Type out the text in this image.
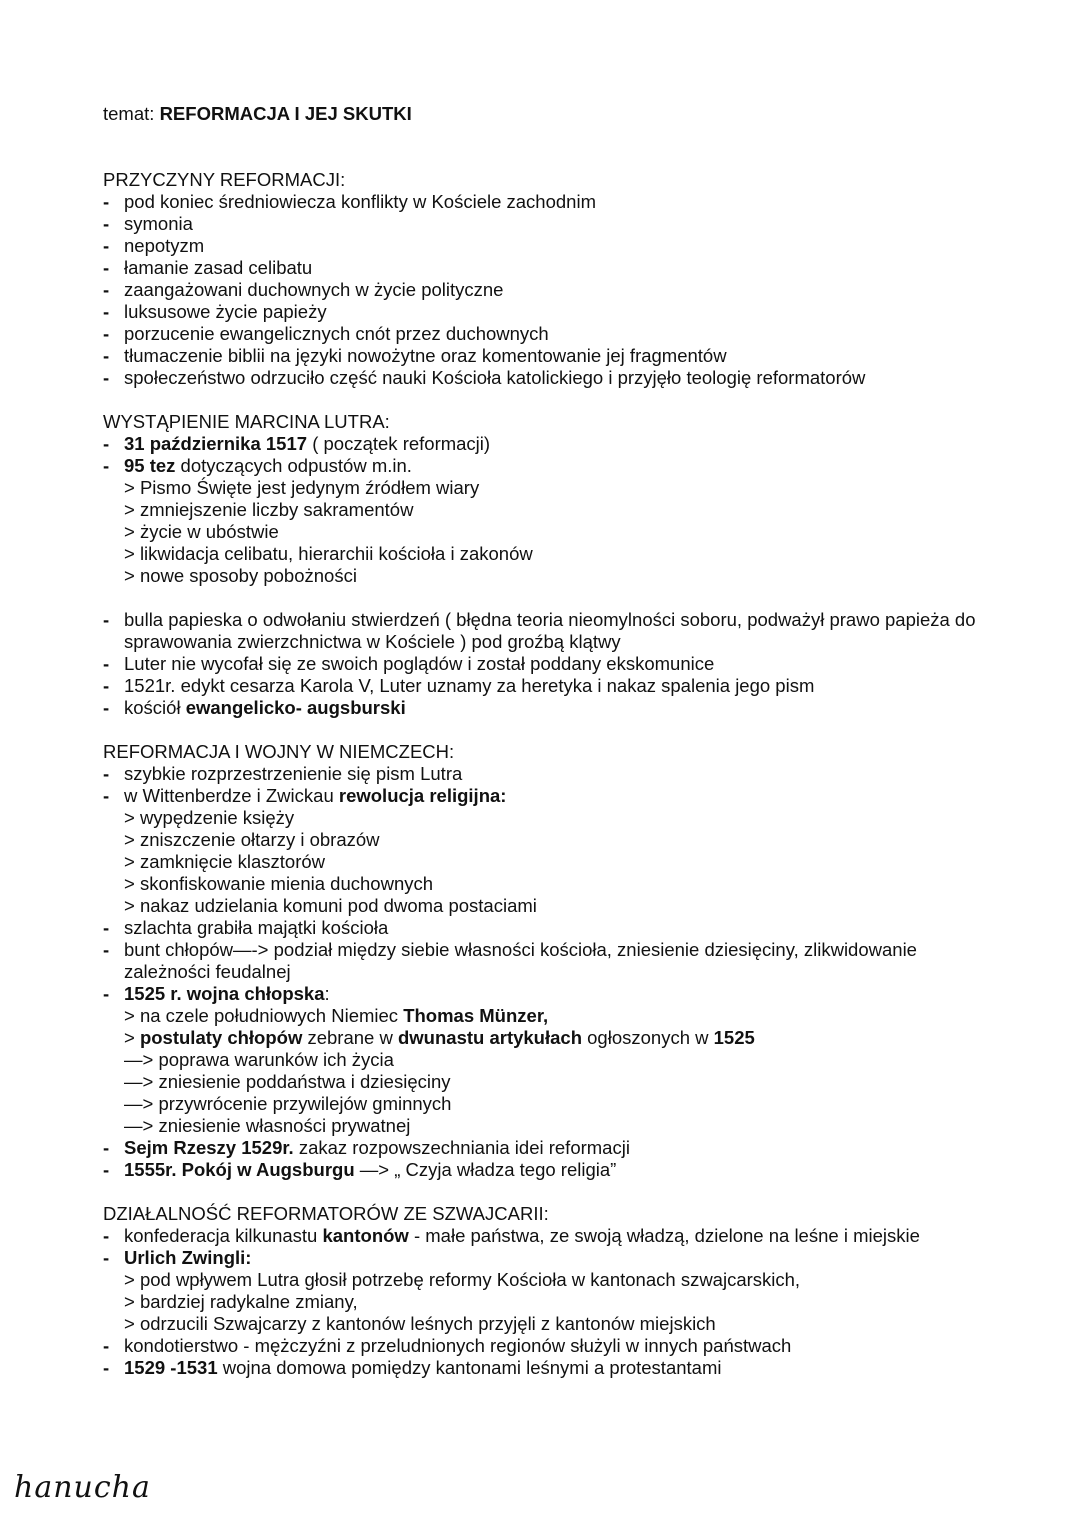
temat: REFORMACJA I JEJ SKUTKI

PRZYCZYNY REFORMACJI:
- pod koniec średniowiecza konflikty w Kościele zachodnim
- symonia
- nepotyzm
- łamanie zasad celibatu
- zaangażowani duchownych w życie polityczne
- luksusowe życie papieży
- porzucenie ewangelicznych cnót przez duchownych
- tłumaczenie biblii na języki nowożytne oraz komentowanie jej fragmentów
- społeczeństwo odrzuciło część nauki Kościoła katolickiego i przyjęło teologię reformatorów
WYSTĄPIENIE MARCINA LUTRA:
- 31 października 1517 ( początek reformacji)
- 95 tez dotyczących odpustów m.in.
> Pismo Święte jest jedynym źródłem wiary
> zmniejszenie liczby sakramentów
> życie w ubóstwie
> likwidacja celibatu, hierarchii kościoła i zakonów
> nowe sposoby pobożności
- bulla papieska o odwołaniu stwierdzeń ( błędna teoria nieomylności soboru, podważył prawo papieża do sprawowania zwierzchnictwa w Kościele ) pod groźbą klątwy
- Luter nie wycofał się ze swoich poglądów i został poddany ekskomunice
- 1521r. edykt cesarza Karola V, Luter uznamy za heretyka i nakaz spalenia jego pism
- kościół ewangelicko- augsburski
REFORMACJA I WOJNY W NIEMCZECH:
- szybkie rozprzestrzenienie się pism Lutra
- w Wittenberdze i Zwickau rewolucja religijna:
> wypędzenie księży
> zniszczenie ołtarzy i obrazów
> zamknięcie klasztorów
> skonfiskowanie mienia duchownych
> nakaz udzielania komuni pod dwoma postaciami
- szlachta grabiła majątki kościoła
- bunt chłopów—-> podział między siebie własności kościoła, zniesienie dziesięciny, zlikwidowanie zależności feudalnej
- 1525 r. wojna chłopska:
> na czele południowych Niemiec Thomas Münzer,
> postulaty chłopów zebrane w dwunastu artykułach ogłoszonych w 1525
—> poprawa warunków ich życia
—> zniesienie poddaństwa i dziesięciny
—> przywrócenie przywilejów gminnych
—> zniesienie własności prywatnej
- Sejm Rzeszy 1529r. zakaz rozpowszechniania idei reformacji
- 1555r. Pokój w Augsburgu —> „ Czyja władza tego religia”
DZIAŁALNOŚĆ REFORMATORÓW ZE SZWAJCARII:
- konfederacja kilkunastu kantonów - małe państwa, ze swoją władzą, dzielone na leśne i miejskie
- Urlich Zwingli:
> pod wpływem Lutra głosił potrzebę reformy Kościoła w kantonach szwajcarskich,
> bardziej radykalne zmiany,
> odrzucili Szwajcarzy z kantonów leśnych przyjęli z kantonów miejskich
- kondotierstwo - mężczyźni z przeludnionych regionów służyli w innych państwach
- 1529 -1531 wojna domowa pomiędzy kantonami leśnymi a protestantami
hanucha
